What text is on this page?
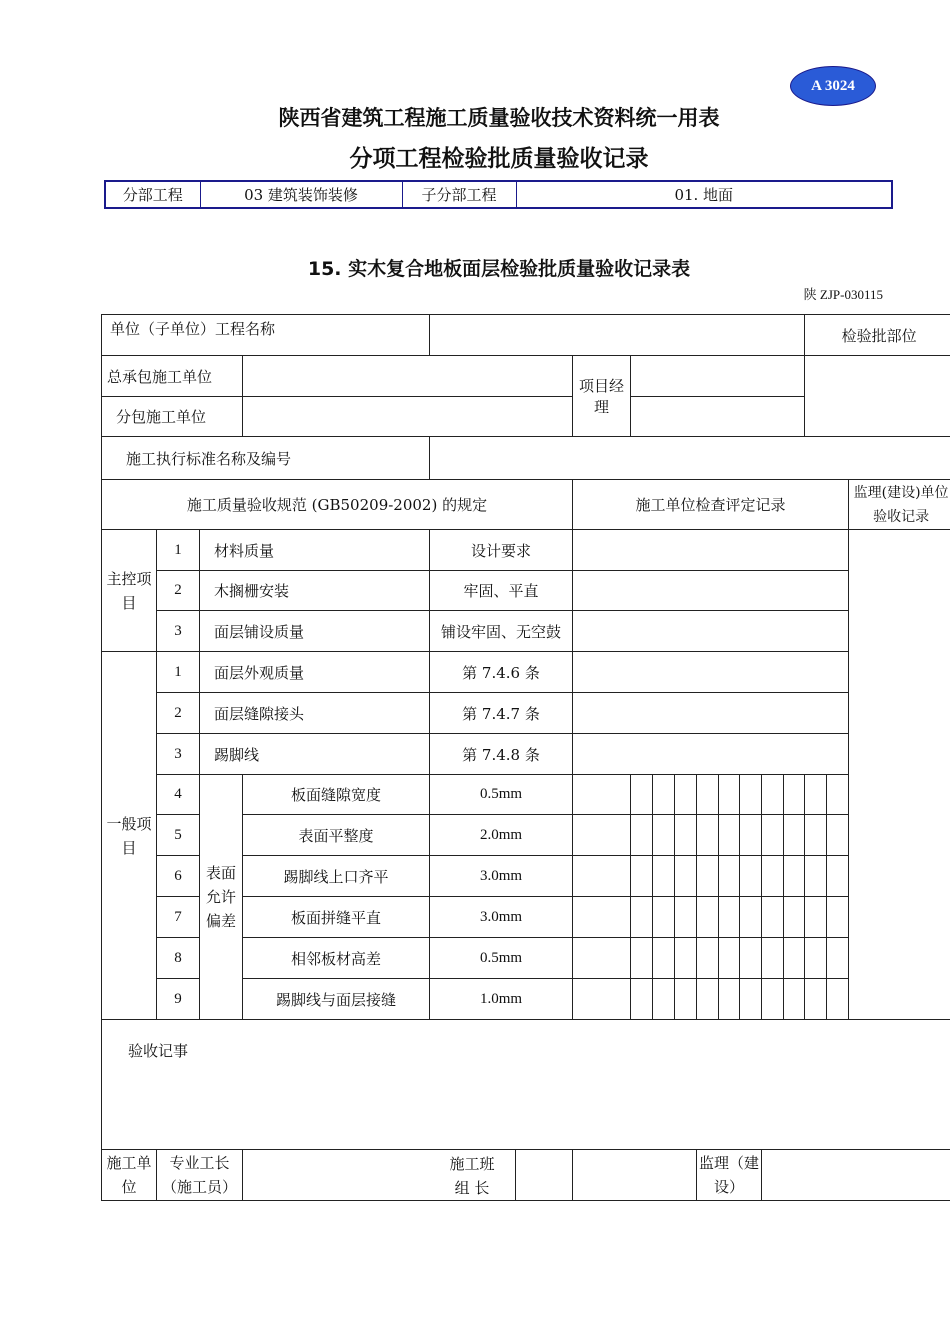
A 3024
陕西省建筑工程施工质量验收技术资料统一用表
分项工程检验批质量验收记录
分部工程	03 建筑装饰装修	子分部工程	01. 地面
15. 实木复合地板面层检验批质量验收记录表
陕 ZJP-030115
单位（子单位）工程名称														检验批部位		
总承包施工单位					项目经理											
分包施工单位																
施工执行标准名称及编号																
施工质量验收规范 (GB50209-2002) 的规定					施工单位检查评定记录											监理(建设)单位验收记录
主控项目	1	材料质量		设计要求												
	2	木搁栅安装		牢固、平直												
	3	面层铺设质量		铺设牢固、无空鼓												
一般项目	1	面层外观质量		第 7.4.6 条												
	2	面层缝隙接头		第 7.4.7 条												
	3	踢脚线		第 7.4.8 条												
	4	表面允许偏差	板面缝隙宽度	0.5mm												
	5		表面平整度	2.0mm												
	6		踢脚线上口齐平	3.0mm												
	7		板面拼缝平直	3.0mm												
	8		相邻板材高差	0.5mm												
	9		踢脚线与面层接缝	1.0mm												
验收记事																
施工单位	专业工长（施工员）			施工班 组 长					监理（建设）							
